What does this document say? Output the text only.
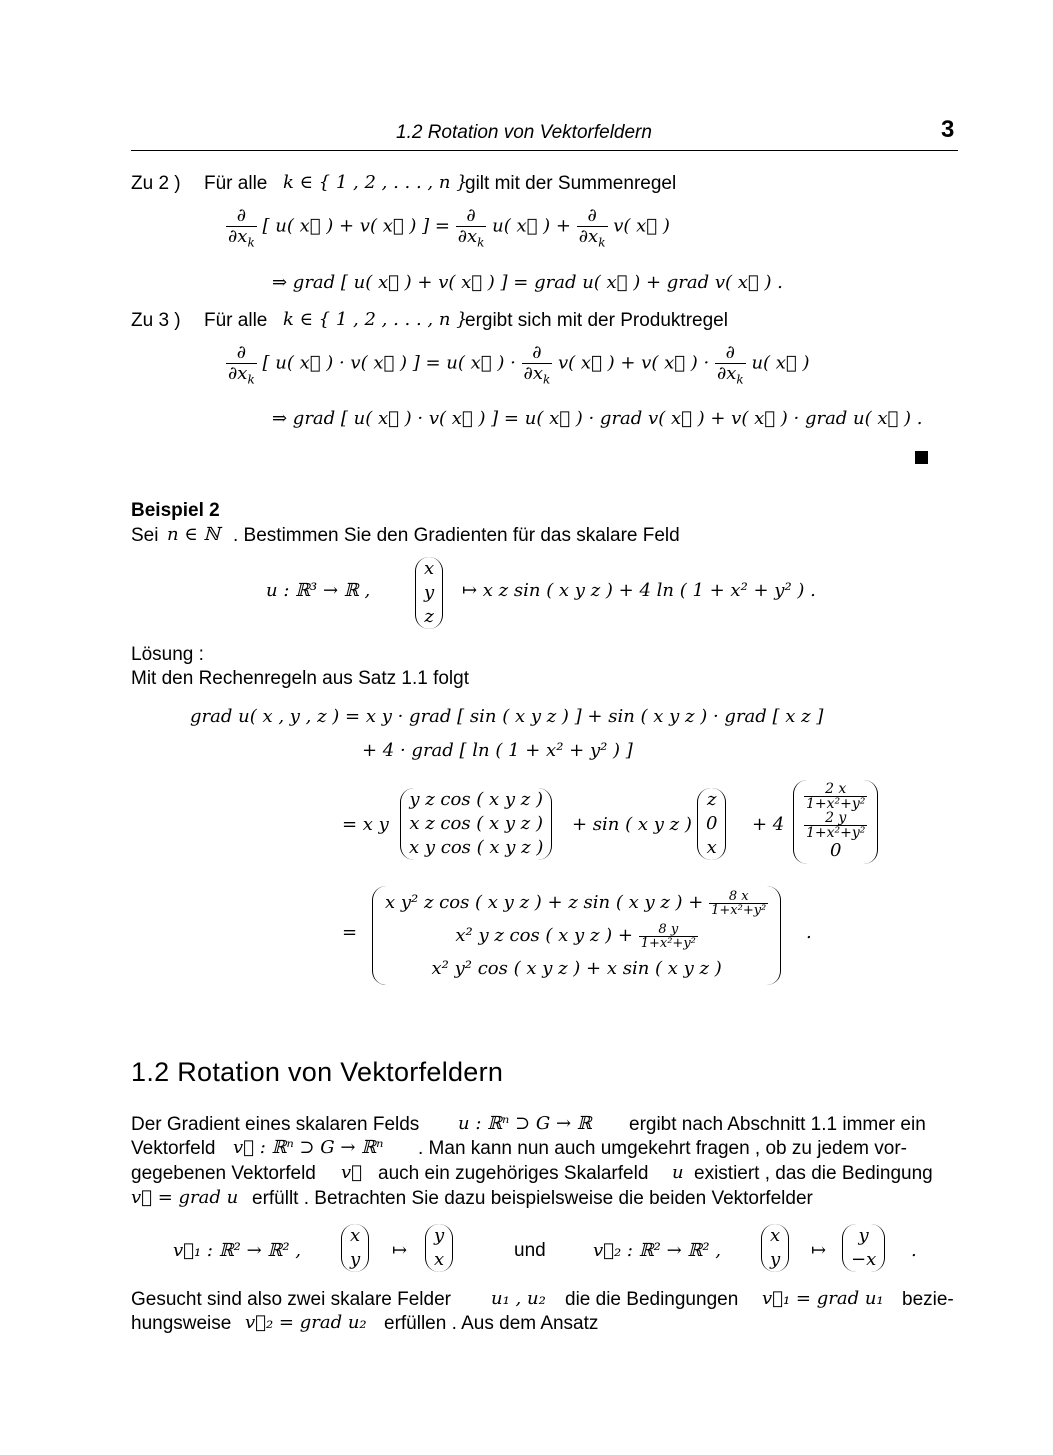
1.2 Rotation von Vektorfeldern	3
Zu 2 ) Für alle k ∈ { 1 , 2 , . . . , n }
gilt mit der Summenregel
$\frac{\partial}{\partial x_k}$ [ u( x⃗ ) + v( x⃗ ) ] = $\frac{\partial}{\partial x_k} u$( x⃗ ) + $\frac{\partial}{\partial x_k} v$( x⃗ )
⇒ grad [ u( x⃗ ) + v( x⃗ ) ] = grad u( x⃗ ) + grad v( x⃗ ) .
Zu 3 ) Für alle k ∈ { 1 , 2 , . . . , n }
ergibt sich mit der Produktregel
$\frac{\partial}{\partial x_k}$ [ u( x⃗ ) · v( x⃗ ) ] = u( x⃗ ) · $\frac{\partial}{\partial x_k} v$( x⃗ ) + v( x⃗ ) · $\frac{\partial}{\partial x_k} u$( x⃗ )
⇒ grad [ u( x⃗ ) · v( x⃗ ) ] = u( x⃗ ) · grad v( x⃗ ) + v( x⃗ ) · grad u( x⃗ ) .
Beispiel 2
Sei n ∈ ℕ . Bestimmen Sie den Gradienten für das skalare Feld
u : ℝ³ → ℝ ,
x
y
z
↦ x z sin ( x y z ) + 4 ln ( 1 + x² + y² ) .
Lösung :
Mit den Rechenregeln aus Satz 1.1 folgt
grad u( x , y , z ) = x y · grad [ sin ( x y z ) ] + sin ( x y z ) · grad [ x z ]
+ 4 · grad [ ln ( 1 + x² + y² ) ]
= x y
y z cos ( x y z )
x z cos ( x y z )
x y cos ( x y z )
+ sin ( x y z )
z
0
x
+ 4
$\frac{2 x}{\text{1+x²+y²}}$

$\frac{2 y}{\text{1+x²+y²}}$

0
=
x y² z cos ( x y z ) + z sin ( x y z ) + $\frac{8 x}{\text{1+x²+y²}}$
x² y z cos ( x y z ) + $\frac{8 y}{\text{1+x²+y²}}$
x² y² cos ( x y z ) + x sin ( x y z )
.
1.2 Rotation von Vektorfeldern
Der Gradient eines skalaren Felds u : ℝⁿ ⊃ G → ℝ ergibt nach Abschnitt 1.1 immer ein
Vektorfeld v⃗ : ℝⁿ ⊃ G → ℝⁿ . Man kann nun auch umgekehrt fragen , ob zu jedem vor-
gegebenen Vektorfeld v⃗ auch ein zugehöriges Skalarfeld u existiert , das die Bedingung
v⃗ = grad u erfüllt . Betrachten Sie dazu beispielsweise die beiden Vektorfelder
v⃗₁ : ℝ² → ℝ² ,
x
y ↦
y
x	und	v⃗₂ : ℝ² → ℝ² ,
x
y ↦
y
−x .
Gesucht sind also zwei skalare Felder u₁ , u₂ die die Bedingungen v⃗₁ = grad u₁ bezie-
hungsweise v⃗₂ = grad u₂ erfüllen . Aus dem Ansatz
